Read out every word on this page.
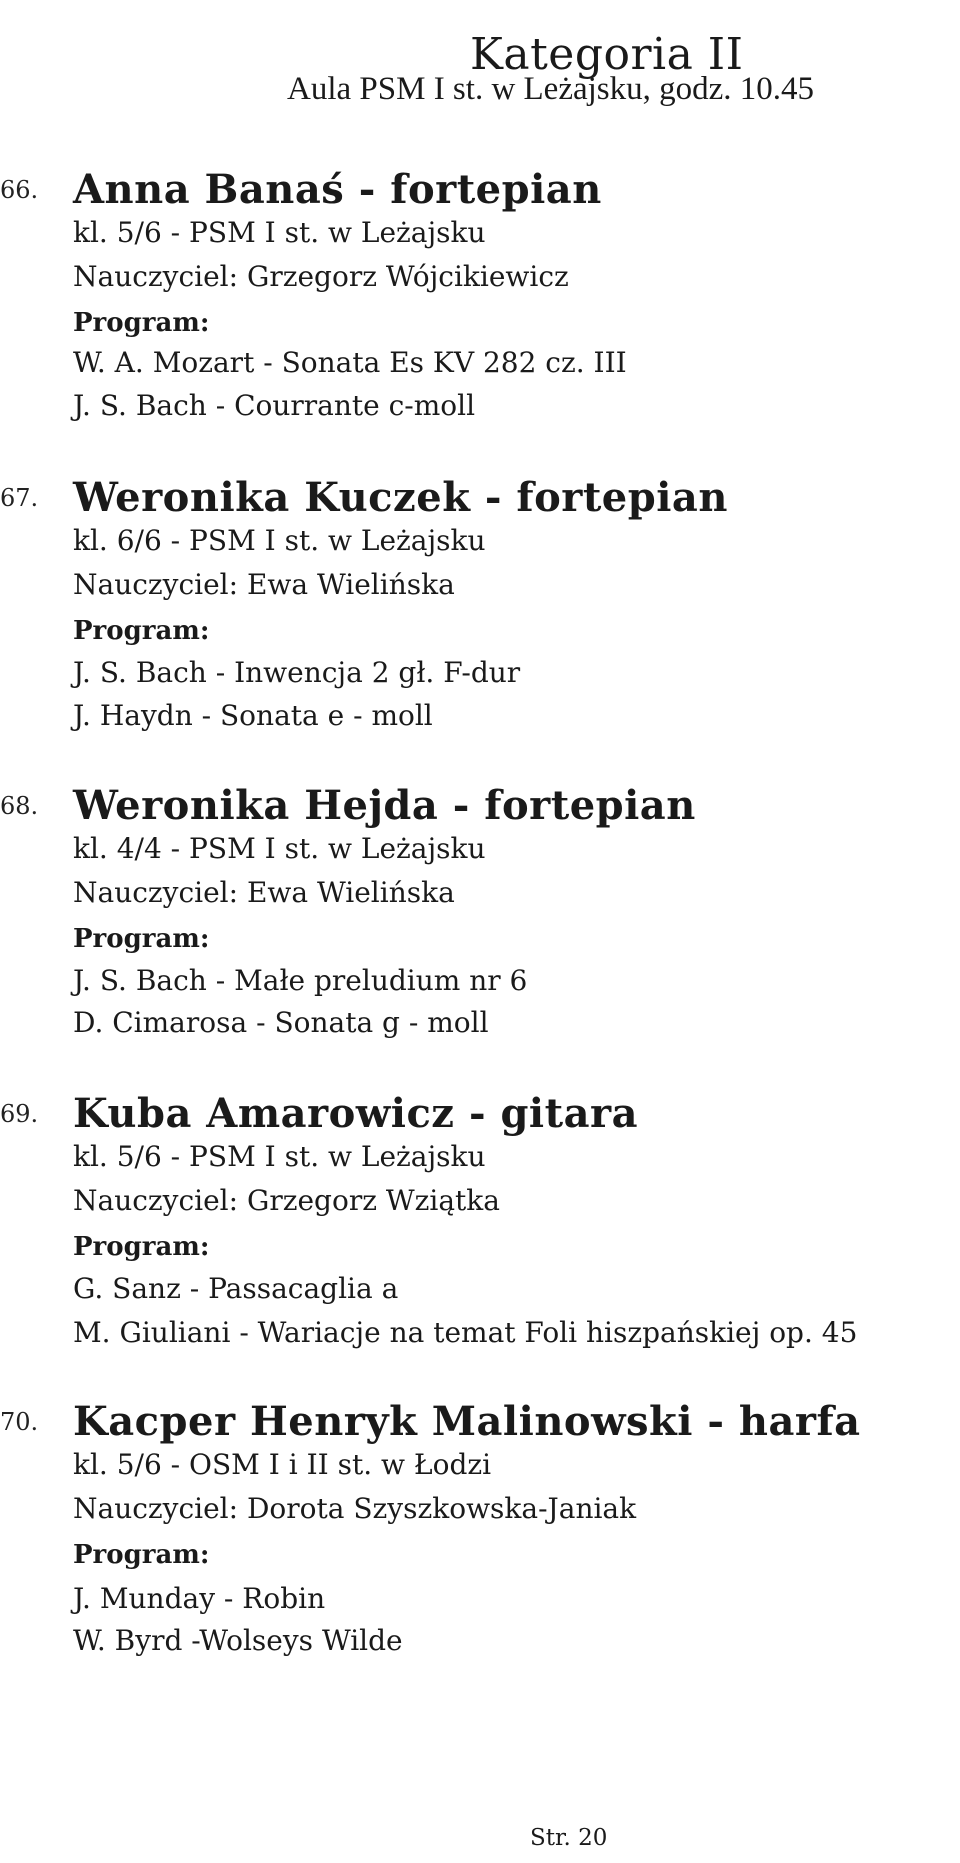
Kategoria II
Aula PSM I st. w Leżajsku, godz. 10.45
66. Anna Banaś - fortepian
kl. 5/6 - PSM I st. w Leżajsku
Nauczyciel: Grzegorz Wójcikiewicz
Program:
W. A. Mozart - Sonata Es KV 282 cz. III
J. S. Bach - Courrante c-moll
67. Weronika Kuczek - fortepian
kl. 6/6 - PSM I st. w Leżajsku
Nauczyciel: Ewa Wielińska
Program:
J. S. Bach - Inwencja 2 gł. F-dur
J. Haydn - Sonata e - moll
68. Weronika Hejda - fortepian
kl. 4/4 - PSM I st. w Leżajsku
Nauczyciel: Ewa Wielińska
Program:
J. S. Bach - Małe preludium nr 6
D. Cimarosa - Sonata g - moll
69. Kuba Amarowicz - gitara
kl. 5/6 - PSM I st. w Leżajsku
Nauczyciel: Grzegorz Wziątka
Program:
G. Sanz - Passacaglia a
M. Giuliani - Wariacje na temat Foli hiszpańskiej op. 45
70. Kacper Henryk Malinowski - harfa
kl. 5/6 - OSM I i II st. w Łodzi
Nauczyciel: Dorota Szyszkowska-Janiak
Program:
J. Munday - Robin
W. Byrd -Wolseys Wilde
Str. 20
